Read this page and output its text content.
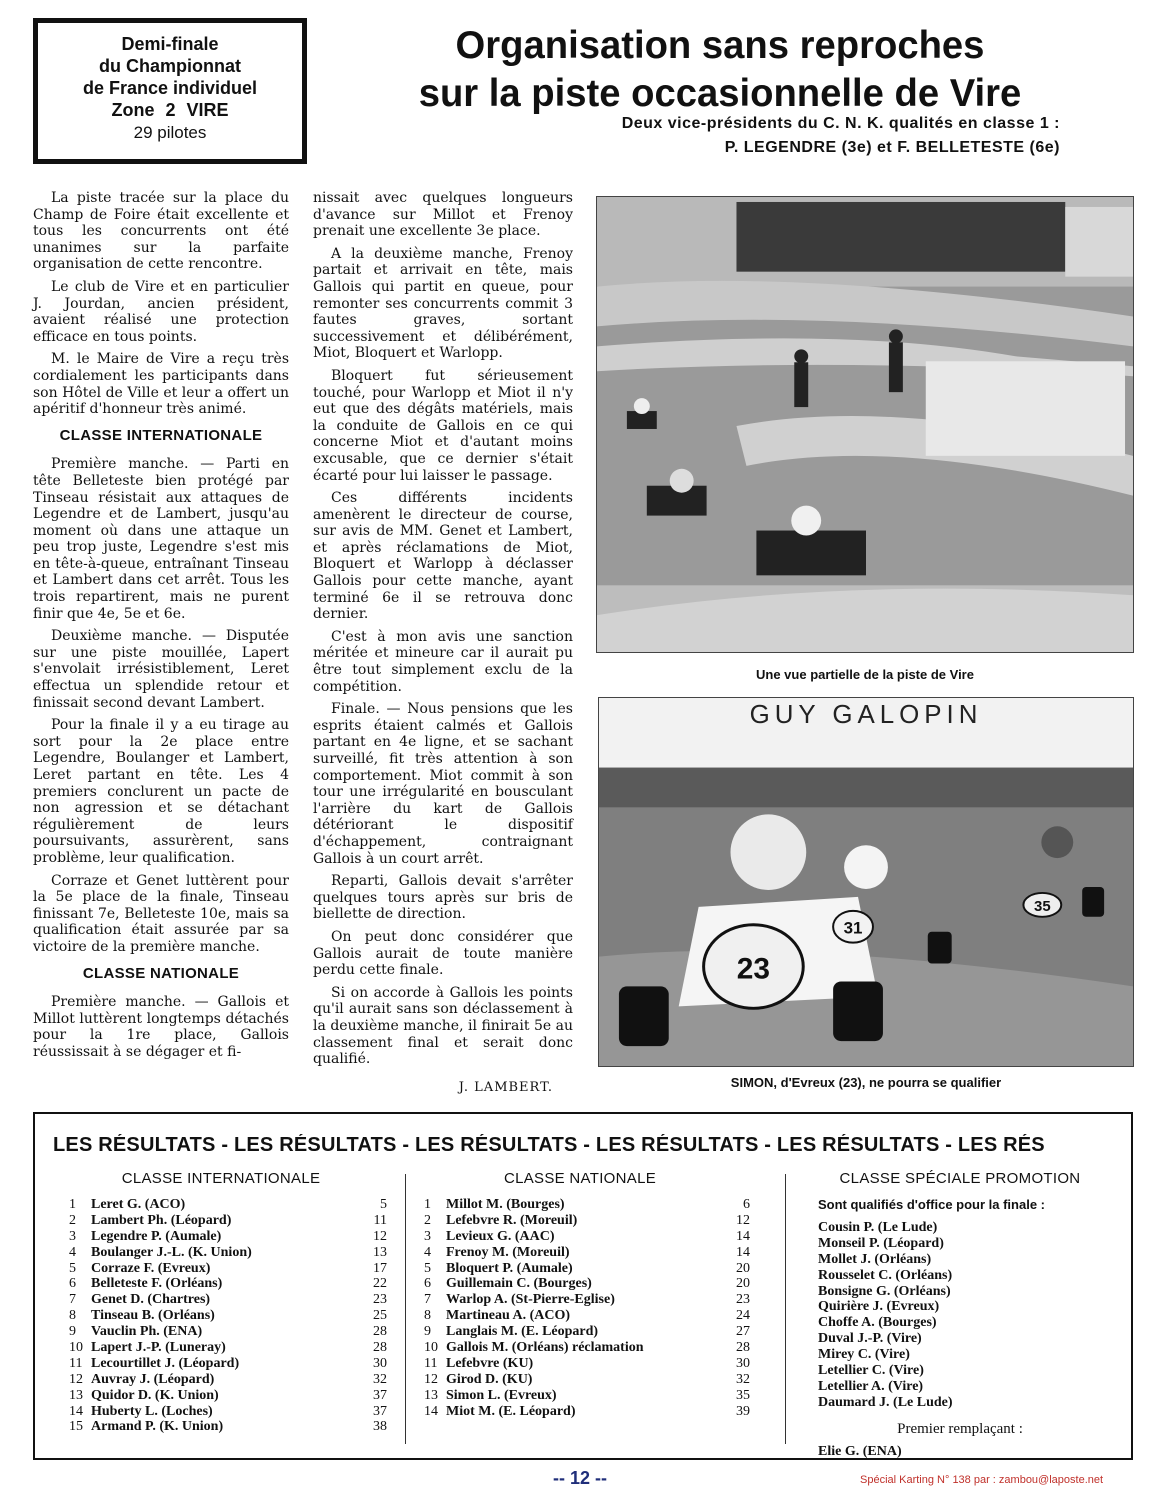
Demi-finale
du Championnat
de France individuel
Zone 2 VIRE
29 pilotes
Organisation sans reproches
sur la piste occasionnelle de Vire
Deux vice-présidents du C. N. K. qualités en classe 1 :
P. LEGENDRE (3e) et F. BELLETESTE (6e)

La piste tracée sur la place du Champ de Foire était excellente et tous les concurrents ont été unanimes sur la parfaite organisation de cette rencontre.

Le club de Vire et en particulier J. Jourdan, ancien président, avaient réalisé une protection efficace en tous points.

M. le Maire de Vire a reçu très cordialement les participants dans son Hôtel de Ville et leur a offert un apéritif d'honneur très animé.

CLASSE INTERNATIONALE

Première manche. — Parti en tête Belleteste bien protégé par Tinseau résistait aux attaques de Legendre et de Lambert, jusqu'au moment où dans une attaque un peu trop juste, Legendre s'est mis en tête-à-queue, entraînant Tinseau et Lambert dans cet arrêt. Tous les trois repartirent, mais ne purent finir que 4e, 5e et 6e.

Deuxième manche. — Disputée sur une piste mouillée, Lapert s'envolait irrésistiblement, Leret effectua un splendide retour et finissait second devant Lambert.

Pour la finale il y a eu tirage au sort pour la 2e place entre Legendre, Boulanger et Lambert, Leret partant en tête. Les 4 premiers conclurent un pacte de non agression et se détachant régulièrement de leurs poursuivants, assurèrent, sans problème, leur qualification.

Corraze et Genet luttèrent pour la 5e place de la finale, Tinseau finissant 7e, Belleteste 10e, mais sa qualification était assurée par sa victoire de la première manche.

CLASSE NATIONALE

Première manche. — Gallois et Millot luttèrent longtemps détachés pour la 1re place, Gallois réussissait à se dégager et fi-

nissait avec quelques longueurs d'avance sur Millot et Frenoy prenait une excellente 3e place.

A la deuxième manche, Frenoy partait et arrivait en tête, mais Gallois qui partit en queue, pour remonter ses concurrents commit 3 fautes graves, sortant successivement et délibérément, Miot, Bloquert et Warlopp.

Bloquert fut sérieusement touché, pour Warlopp et Miot il n'y eut que des dégâts matériels, mais la conduite de Gallois en ce qui concerne Miot et d'autant moins excusable, que ce dernier s'était écarté pour lui laisser le passage.

Ces différents incidents amenèrent le directeur de course, sur avis de MM. Genet et Lambert, et après réclamations de Miot, Bloquert et Warlopp à déclasser Gallois pour cette manche, ayant terminé 6e il se retrouva donc dernier.

C'est à mon avis une sanction méritée et mineure car il aurait pu être tout simplement exclu de la compétition.

Finale. — Nous pensions que les esprits étaient calmés et Gallois partant en 4e ligne, et se sachant surveillé, fit très attention à son comportement. Miot commit à son tour une irrégularité en bousculant l'arrière du kart de Gallois détériorant le dispositif d'échappement, contraignant Gallois à un court arrêt.

Reparti, Gallois devait s'arrêter quelques tours après sur bris de biellette de direction.

On peut donc considérer que Gallois aurait de toute manière perdu cette finale.

Si on accorde à Gallois les points qu'il aurait sans son déclassement à la deuxième manche, il finirait 5e au classement final et serait donc qualifié.

J. LAMBERT.

Une vue partielle de la piste de Vire
GUY GALOPIN
23
31
35
SIMON, d'Evreux (23), ne pourra se qualifier
LES RÉSULTATS - LES RÉSULTATS - LES RÉSULTATS - LES RÉSULTATS - LES RÉSULTATS - LES RÉS
CLASSE INTERNATIONALE
1	Leret G. (ACO)	5
2	Lambert Ph. (Léopard)	11
3	Legendre P. (Aumale)	12
4	Boulanger J.-L. (K. Union)	13
5	Corraze F. (Evreux)	17
6	Belleteste F. (Orléans)	22
7	Genet D. (Chartres)	23
8	Tinseau B. (Orléans)	25
9	Vauclin Ph. (ENA)	28
10 Lapert J.-P. (Luneray)	28
11 Lecourtillet J. (Léopard)	30
12 Auvray J. (Léopard)	32
13 Quidor D. (K. Union)	37
14 Huberty L. (Loches)	37
15 Armand P. (K. Union)	38
CLASSE NATIONALE
1	Millot M. (Bourges)	6
2	Lefebvre R. (Moreuil)	12
3	Levieux G. (AAC)	14
4	Frenoy M. (Moreuil)	14
5	Bloquert P. (Aumale)	20
6	Guillemain C. (Bourges)	20
7	Warlop A. (St-Pierre-Eglise)	23
8	Martineau A. (ACO)	24
9	Langlais M. (E. Léopard)	27
10 Gallois M. (Orléans) réclamation	28
11 Lefebvre (KU)	30
12 Girod D. (KU)	32
13 Simon L. (Evreux)	35
14 Miot M. (E. Léopard)	39
CLASSE SPÉCIALE PROMOTION
Sont qualifiés d'office pour la finale :
Cousin P. (Le Lude)
Monseil P. (Léopard)
Mollet J. (Orléans)
Rousselet C. (Orléans)
Bonsigne G. (Orléans)
Quirière J. (Evreux)
Choffe A. (Bourges)
Duval J.-P. (Vire)
Mirey C. (Vire)
Letellier C. (Vire)
Letellier A. (Vire)
Daumard J. (Le Lude)
Premier remplaçant :
Elie G. (ENA)
-- 12 --	Spécial Karting N° 138 par : zambou@laposte.net
